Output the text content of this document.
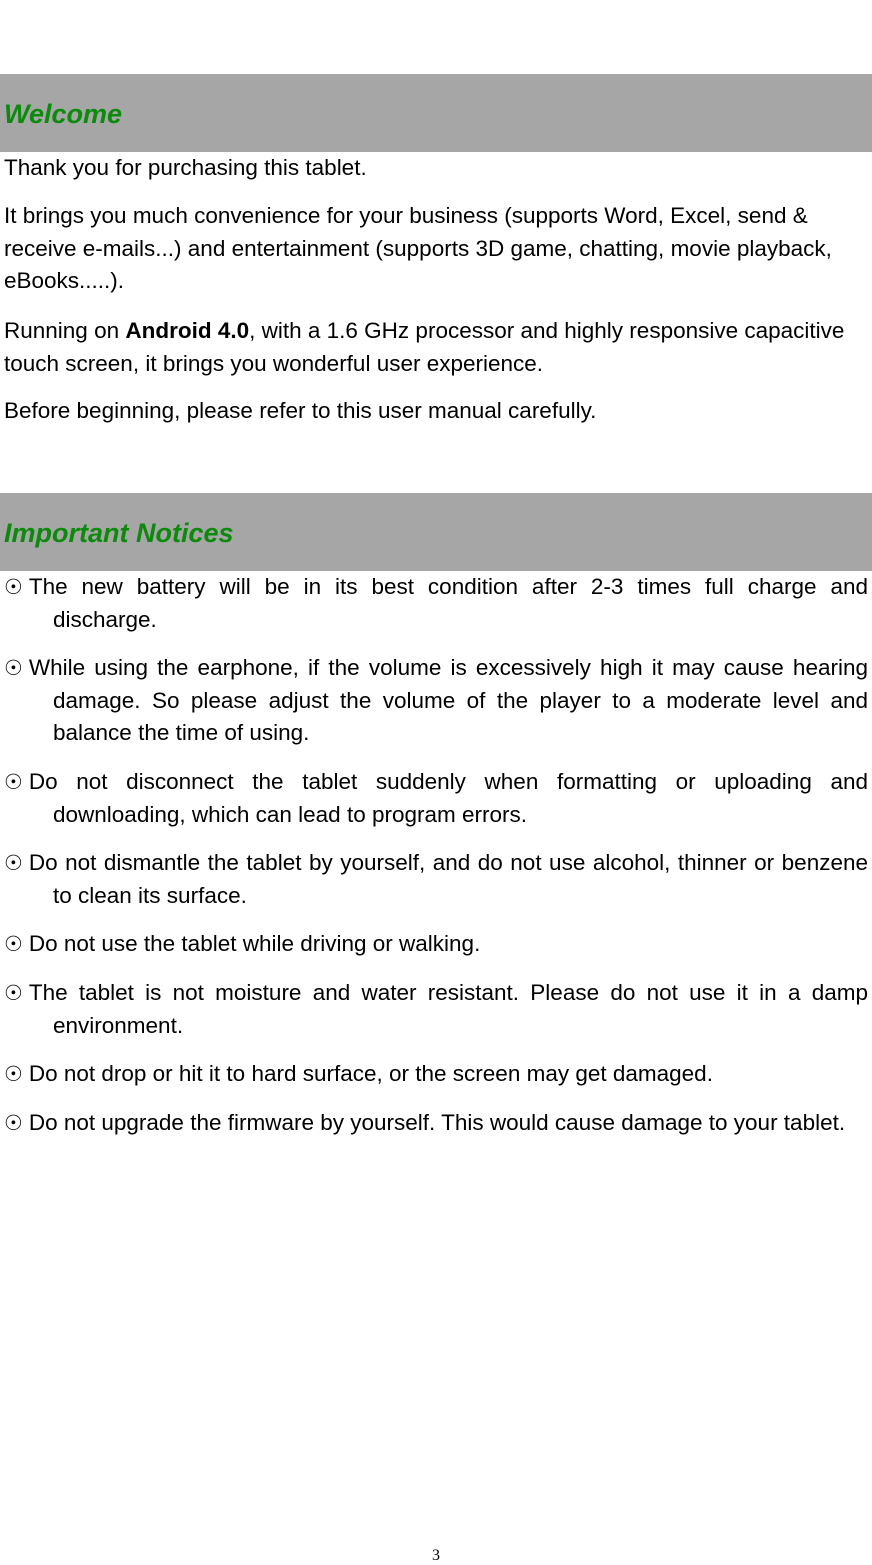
Welcome

Thank you for purchasing this tablet.

It brings you much convenience for your business (supports Word, Excel, send & receive e-mails...) and entertainment (supports 3D game, chatting, movie playback, eBooks.....).

Running on Android 4.0, with a 1.6 GHz processor and highly responsive capacitive touch screen, it brings you wonderful user experience.

Before beginning, please refer to this user manual carefully.

Important Notices

☉ The new battery will be in its best condition after 2-3 times full charge and discharge.

☉ While using the earphone, if the volume is excessively high it may cause hearing damage. So please adjust the volume of the player to a moderate level and balance the time of using.

☉ Do not disconnect the tablet suddenly when formatting or uploading and downloading, which can lead to program errors.

☉ Do not dismantle the tablet by yourself, and do not use alcohol, thinner or benzene to clean its surface.

☉ Do not use the tablet while driving or walking.

☉ The tablet is not moisture and water resistant. Please do not use it in a damp environment.

☉ Do not drop or hit it to hard surface, or the screen may get damaged.

☉ Do not upgrade the firmware by yourself. This would cause damage to your tablet.

3
